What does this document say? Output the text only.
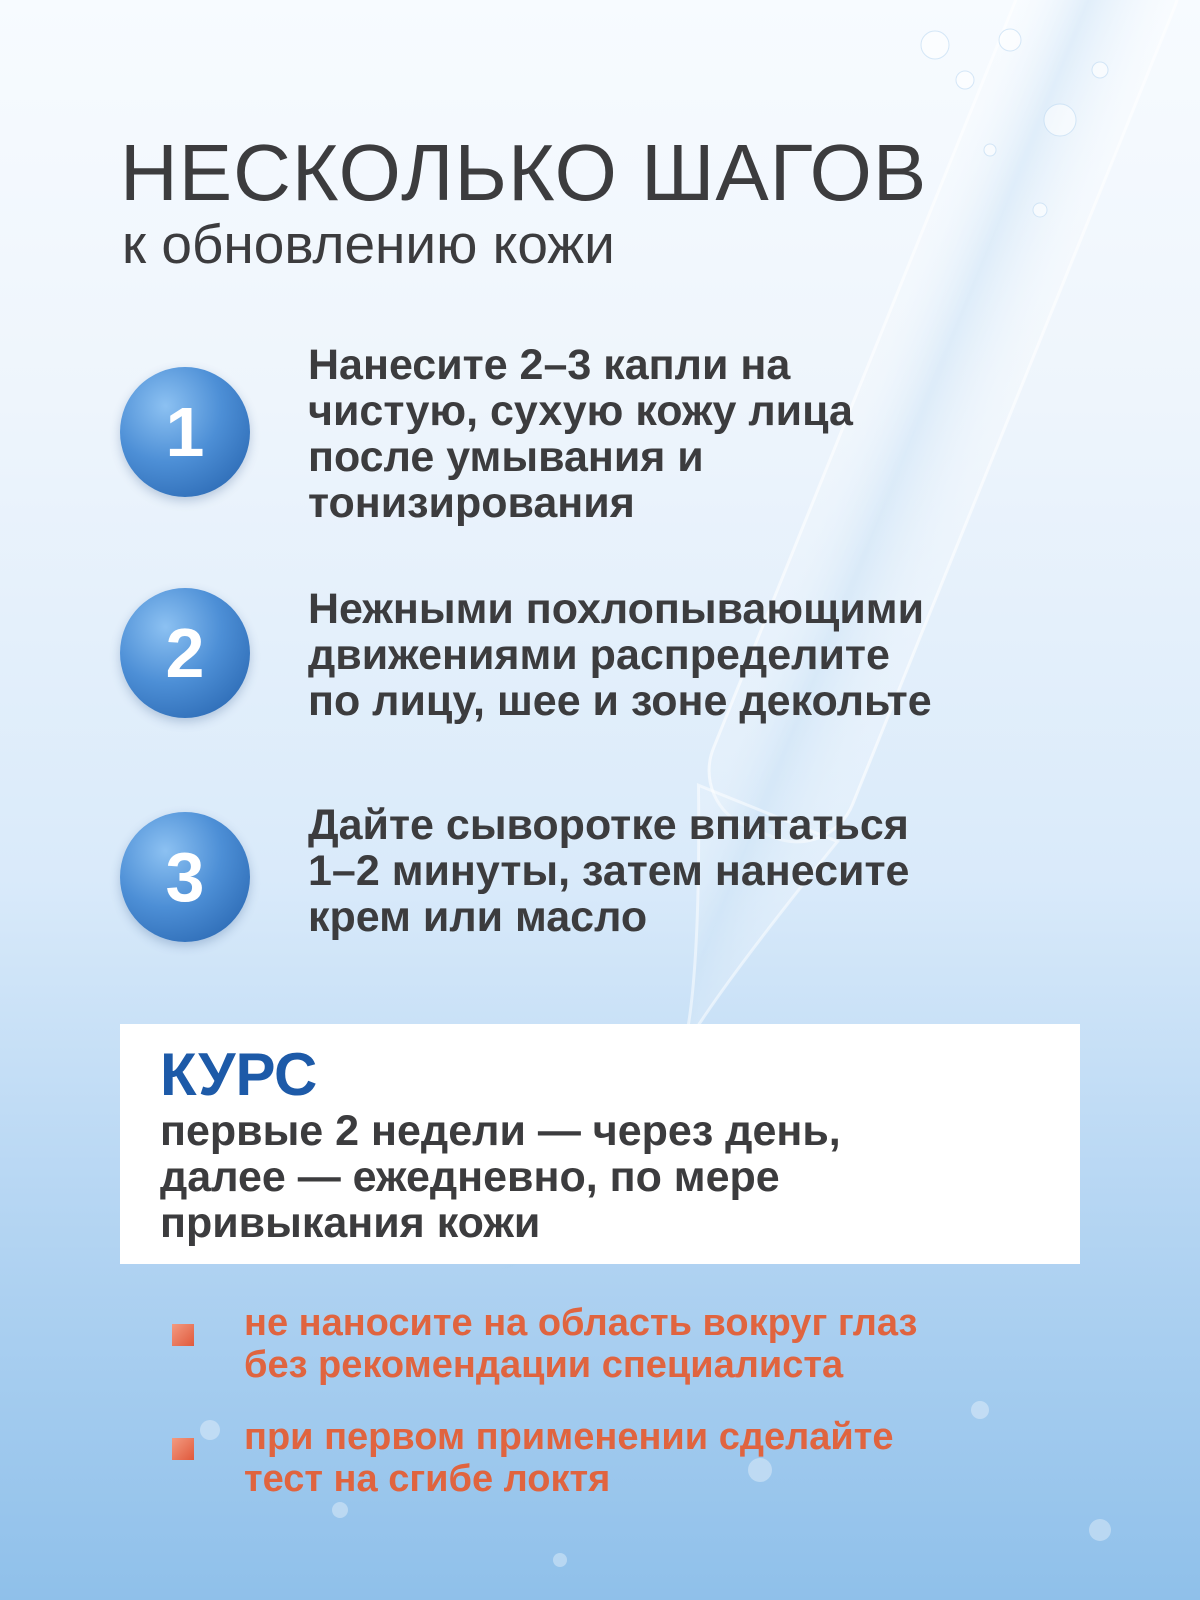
НЕСКОЛЬКО ШАГОВ
к обновлению кожи
1
Нанесите 2–3 капли на
чистую, сухую кожу лица
после умывания и
тонизирования
2
Нежными похлопывающими
движениями распределите
по лицу, шее и зоне декольте
3
Дайте сыворотке впитаться
1–2 минуты, затем нанесите
крем или масло
КУРС
первые 2 недели — через день,
далее — ежедневно, по мере
привыкания кожи
не наносите на область вокруг глаз
без рекомендации специалиста
при первом применении сделайте
тест на сгибе локтя
